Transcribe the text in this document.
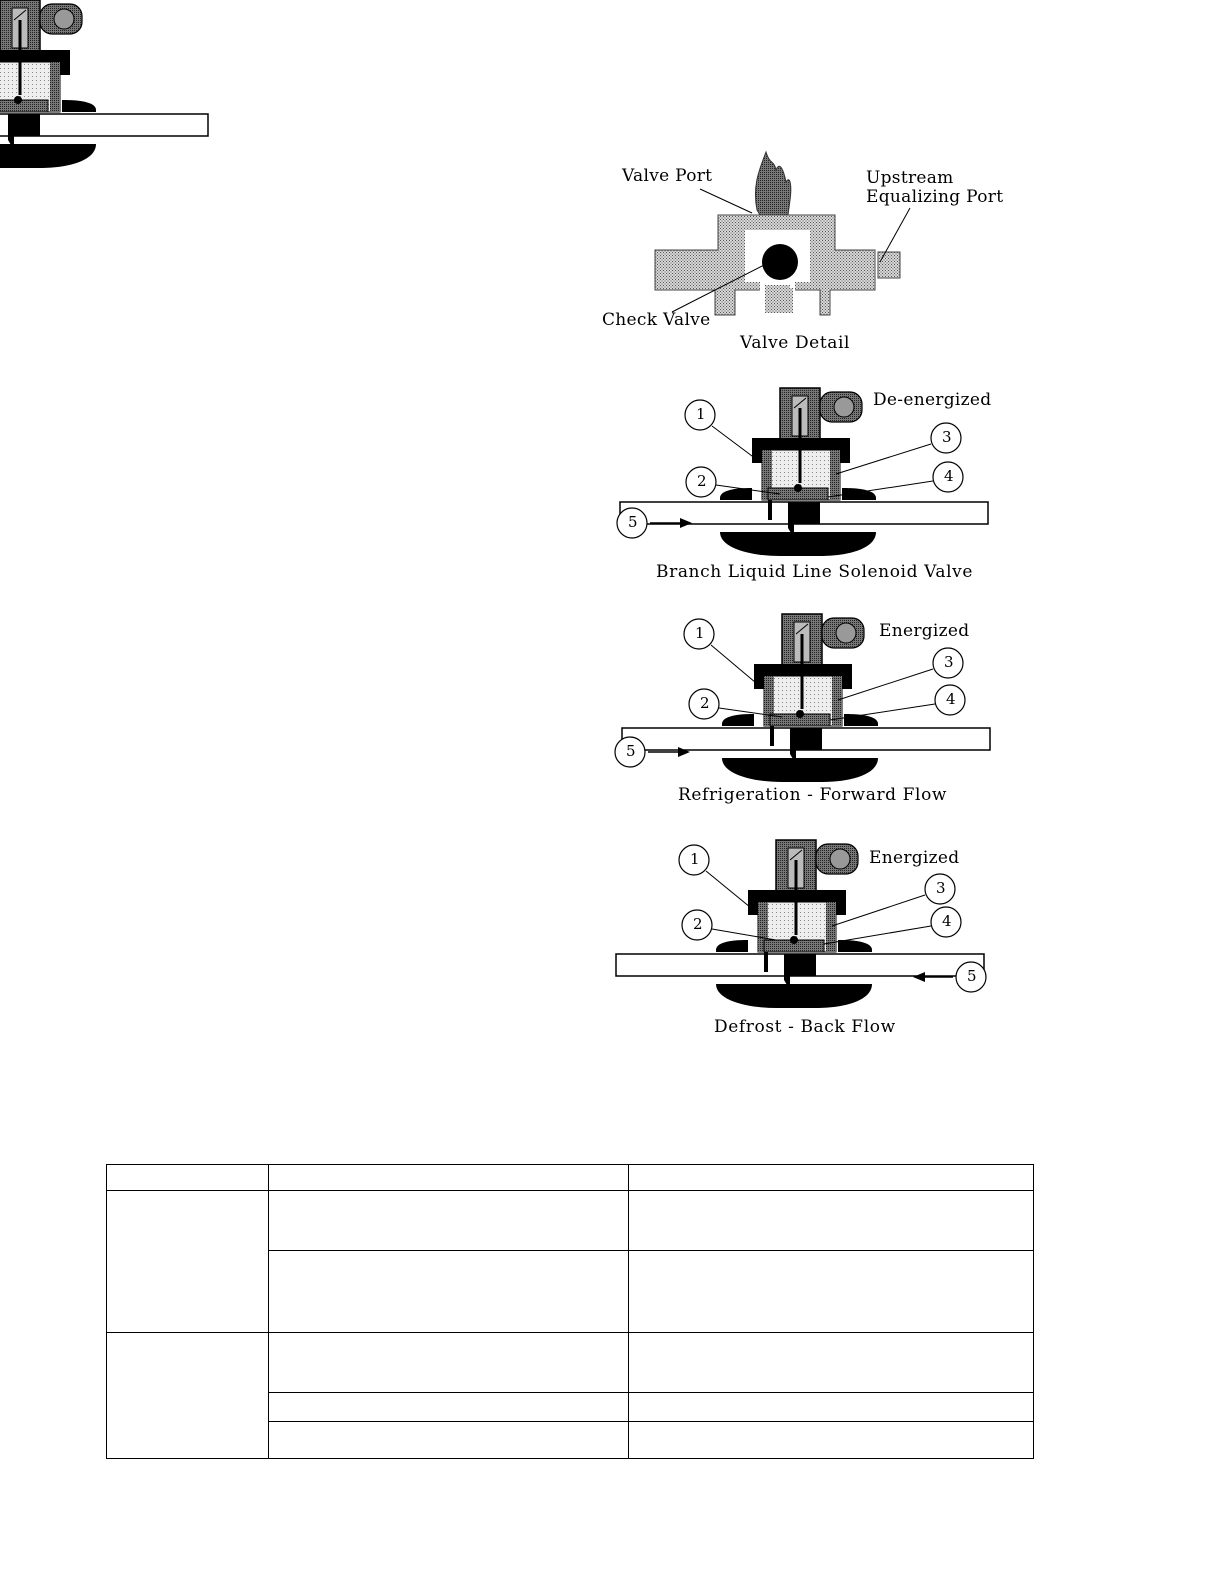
Valve Port	Upstream
Equalizing Port
Check Valve
Valve Detail
De-energized
1
2
3
4
5
Branch Liquid Line Solenoid Valve
Energized
1
2
3
4
5
Refrigeration - Forward Flow
Energized
1
2
3
4
5
Defrost - Back Flow
